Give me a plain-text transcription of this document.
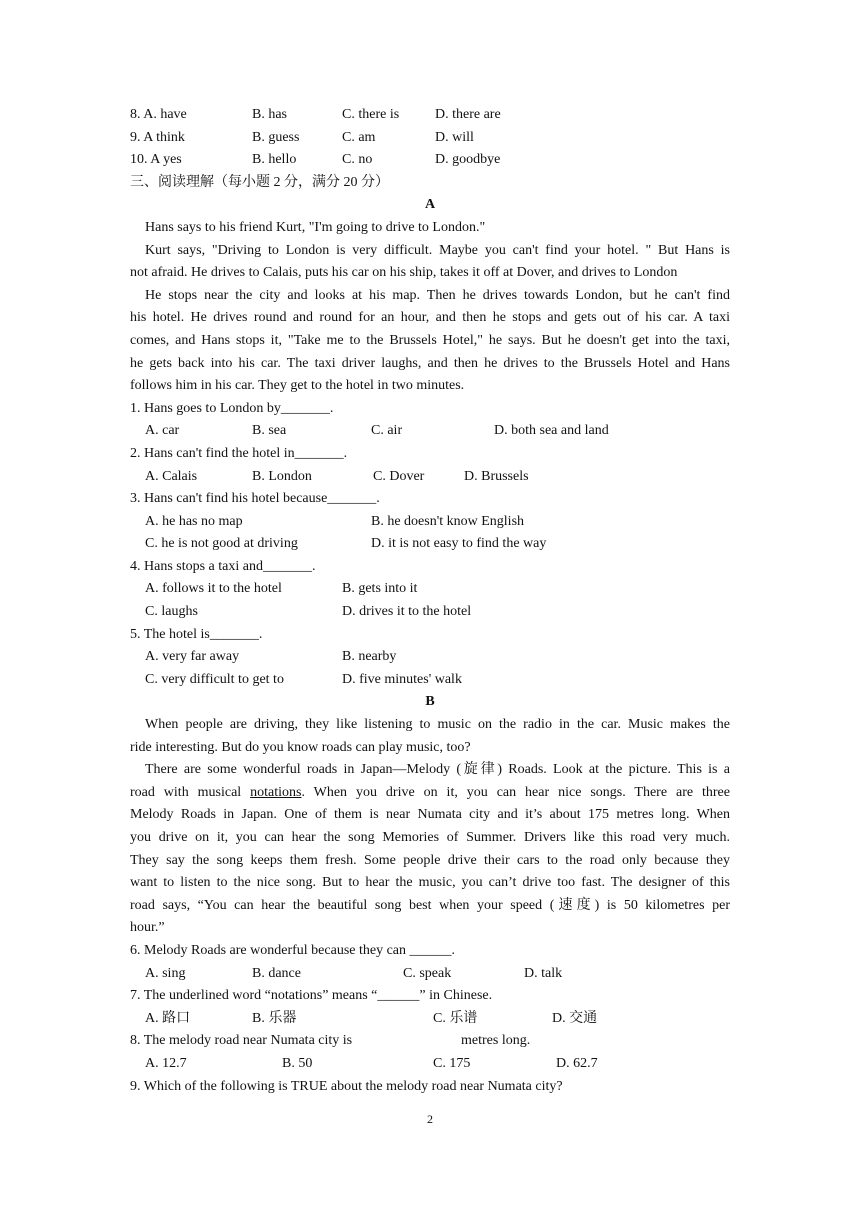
8. A. have	B. has	C. there is	D. there are
9. A think	B. guess	C. am	D. will
10. A yes	B. hello	C. no	D. goodbye
三、阅读理解（每小题 2 分，满分 20 分）
A
Hans says to his friend Kurt, "I'm going to drive to London."
Kurt says, "Driving to London is very difficult. Maybe you can't find your hotel. " But Hans is
not afraid. He drives to Calais, puts his car on his ship, takes it off at Dover, and drives to London
He stops near the city and looks at his map. Then he drives towards London, but he can't find
his hotel. He drives round and round for an hour, and then he stops and gets out of his car. A taxi
comes, and Hans stops it, "Take me to the Brussels Hotel," he says. But he doesn't get into the taxi,
he gets back into his car. The taxi driver laughs, and then he drives to the Brussels Hotel and Hans
follows him in his car. They get to the hotel in two minutes.
1. Hans goes to London by_______.
A. car	B. sea	C. air	D. both sea and land
2. Hans can't find the hotel in_______.
A. Calais	B. London	C. Dover	D. Brussels
3. Hans can't find his hotel because_______.
A. he has no map	B. he doesn't know English
C. he is not good at driving	D. it is not easy to find the way
4. Hans stops a taxi and_______.
A. follows it to the hotel	B. gets into it
C. laughs	D. drives it to the hotel
5. The hotel is_______.
A. very far away	B. nearby
C. very difficult to get to	D. five minutes' walk
B
When people are driving, they like listening to music on the radio in the car. Music makes the
ride interesting. But do you know roads can play music, too?
There are some wonderful roads in Japan—Melody (旋律) Roads. Look at the picture. This is a
road with musical notations. When you drive on it, you can hear nice songs. There are three
Melody Roads in Japan. One of them is near Numata city and it’s about 175 metres long. When
you drive on it, you can hear the song Memories of Summer. Drivers like this road very much.
They say the song keeps them fresh. Some people drive their cars to the road only because they
want to listen to the nice song. But to hear the music, you can’t drive too fast. The designer of this
road says, “You can hear the beautiful song best when your speed (速度) is 50 kilometres per
hour.”
6. Melody Roads are wonderful because they can ______.
A. sing	B. dance	C. speak	D. talk
7. The underlined word “notations” means “______” in Chinese.
A. 路口	B. 乐器	C. 乐谱	D. 交通
8. The melody road near Numata city is	metres long.
A. 12.7	B. 50	C. 175	D. 62.7
9. Which of the following is TRUE about the melody road near Numata city?
2
